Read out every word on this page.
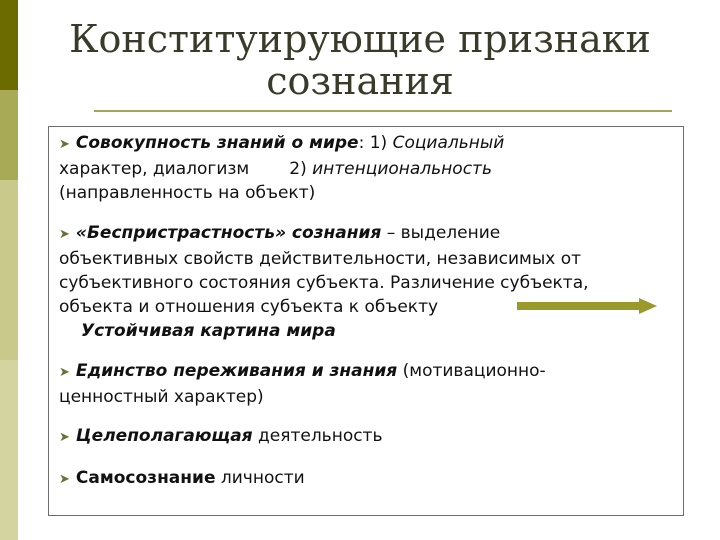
Конституирующие признаки
сознания
➤ Совокупность знаний о мире: 1) Социальный
характер, диалогизм 2) интенциональность
(направленность на объект)
➤ «Беспристрастность» сознания – выделение
объективных свойств действительности, независимых от
субъективного состояния субъекта. Различение субъекта,
объекта и отношения субъекта к объекту
Устойчивая картина мира
➤ Единство переживания и знания (мотивационно-
ценностный характер)
➤ Целеполагающая деятельность
➤ Самосознание личности
